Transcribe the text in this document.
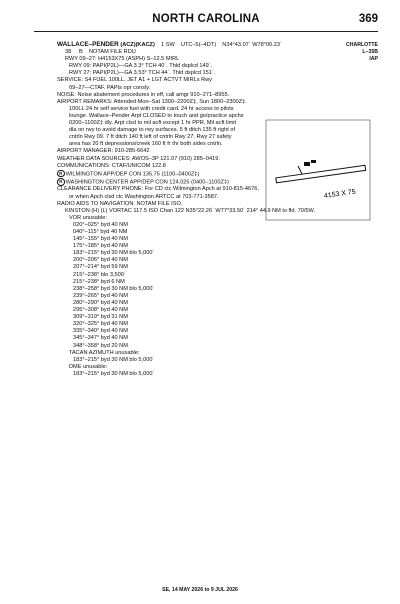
NORTH CAROLINA	369
CHARLOTTE
L–35B
IAP
WALLACE–PENDER (ACZ)(KACZ) 1 SW UTC–5(–4DT) N34°43.07´ W78°00.23´
38 B NOTAM FILE RDU
RWY 09–27: H4153X75 (ASPH) S–12.5 MIRL
RWY 09: PAPI(P2L)—GA 3.3° TCH 40´. Thld dsplcd 149´.
RWY 27: PAPI(P2L)—GA 3.53° TCH 44´. Thld dsplcd 151´.
SERVICE: S4 FUEL 100LL, JET A1 + LGT ACTVT MIRLs Rwy
09–27—CTAF. PAPIs opr consly.
NOISE: Noise abatement procedures in eff, call amgr 910–271–8955.
AIRPORT REMARKS: Attended Mon–Sat 1300–2200Z‡, Sun 1800–2300Z‡.
100LL 24 hr self service fuel with credit card. 24 hr access to pilots
lounge. Wallace–Pender Arpt CLOSED to touch and go/practice apchs
0200–1100Z‡ dly. Arpt clsd to mil acft except 1 hr PPR. Mil acft limit
dla on rwy to avoid damage to rwy surfaces. 5 ft ditch 135 ft right of
cntrln Rwy 09. 7 ft ditch 140 ft left of cntrln Rwy 27. Rwy 27 safety
area has 20 ft depressions/creek 160 ft fr thr both sides cntrln.
AIRPORT MANAGER: 910-285-6642
WEATHER DATA SOURCES: AWOS–3P 121.07 (910) 285–0419.
COMMUNICATIONS: CTAF/UNICOM 122.8
R WILMINGTON APP/DEP CON 135.75 (1100–0400Z‡)
R WASHINGTON CENTER APP/DEP CON 124.025 (0400–1100Z‡)
CLEARANCE DELIVERY PHONE: For CD ctc Wilmington Apch at 910-815-4676,
or when Apch clsd ctc Washington ARTCC at 703-771-3587.
RADIO AIDS TO NAVIGATION: NOTAM FILE ISO.
KINSTON (H) (L) VORTAC 117.5 ISO Chan 122 N35°22.26´ W77°33.50´ 214° 44.9 NM to fld. 70/5W.
VOR unusable:
020°–025° byd 40 NM
040°–115° byd 40 NM
145°–155° byd 40 NM
175°–185° byd 40 NM
183°–215° byd 30 NM blo 5,000´
200°–206° byd 40 NM
207°–214° byd 59 NM
215°–238° blo 3,500´
215°–238° byd 6 NM
238°–258° byd 30 NM blo 5,000´
239°–265° byd 40 NM
280°–290° byd 40 NM
295°–308° byd 40 NM
309°–319° byd 31 NM
320°–325° byd 40 NM
335°–340° byd 40 NM
345°–347° byd 40 NM
348°–358° byd 20 NM
TACAN AZIMUTH unusable:
183°–215° byd 30 NM blo 5,000´
DME unusable:
183°–215° byd 30 NM blo 5,000´
4153 X 75
SE, 14 MAY 2026 to 9 JUL 2026
